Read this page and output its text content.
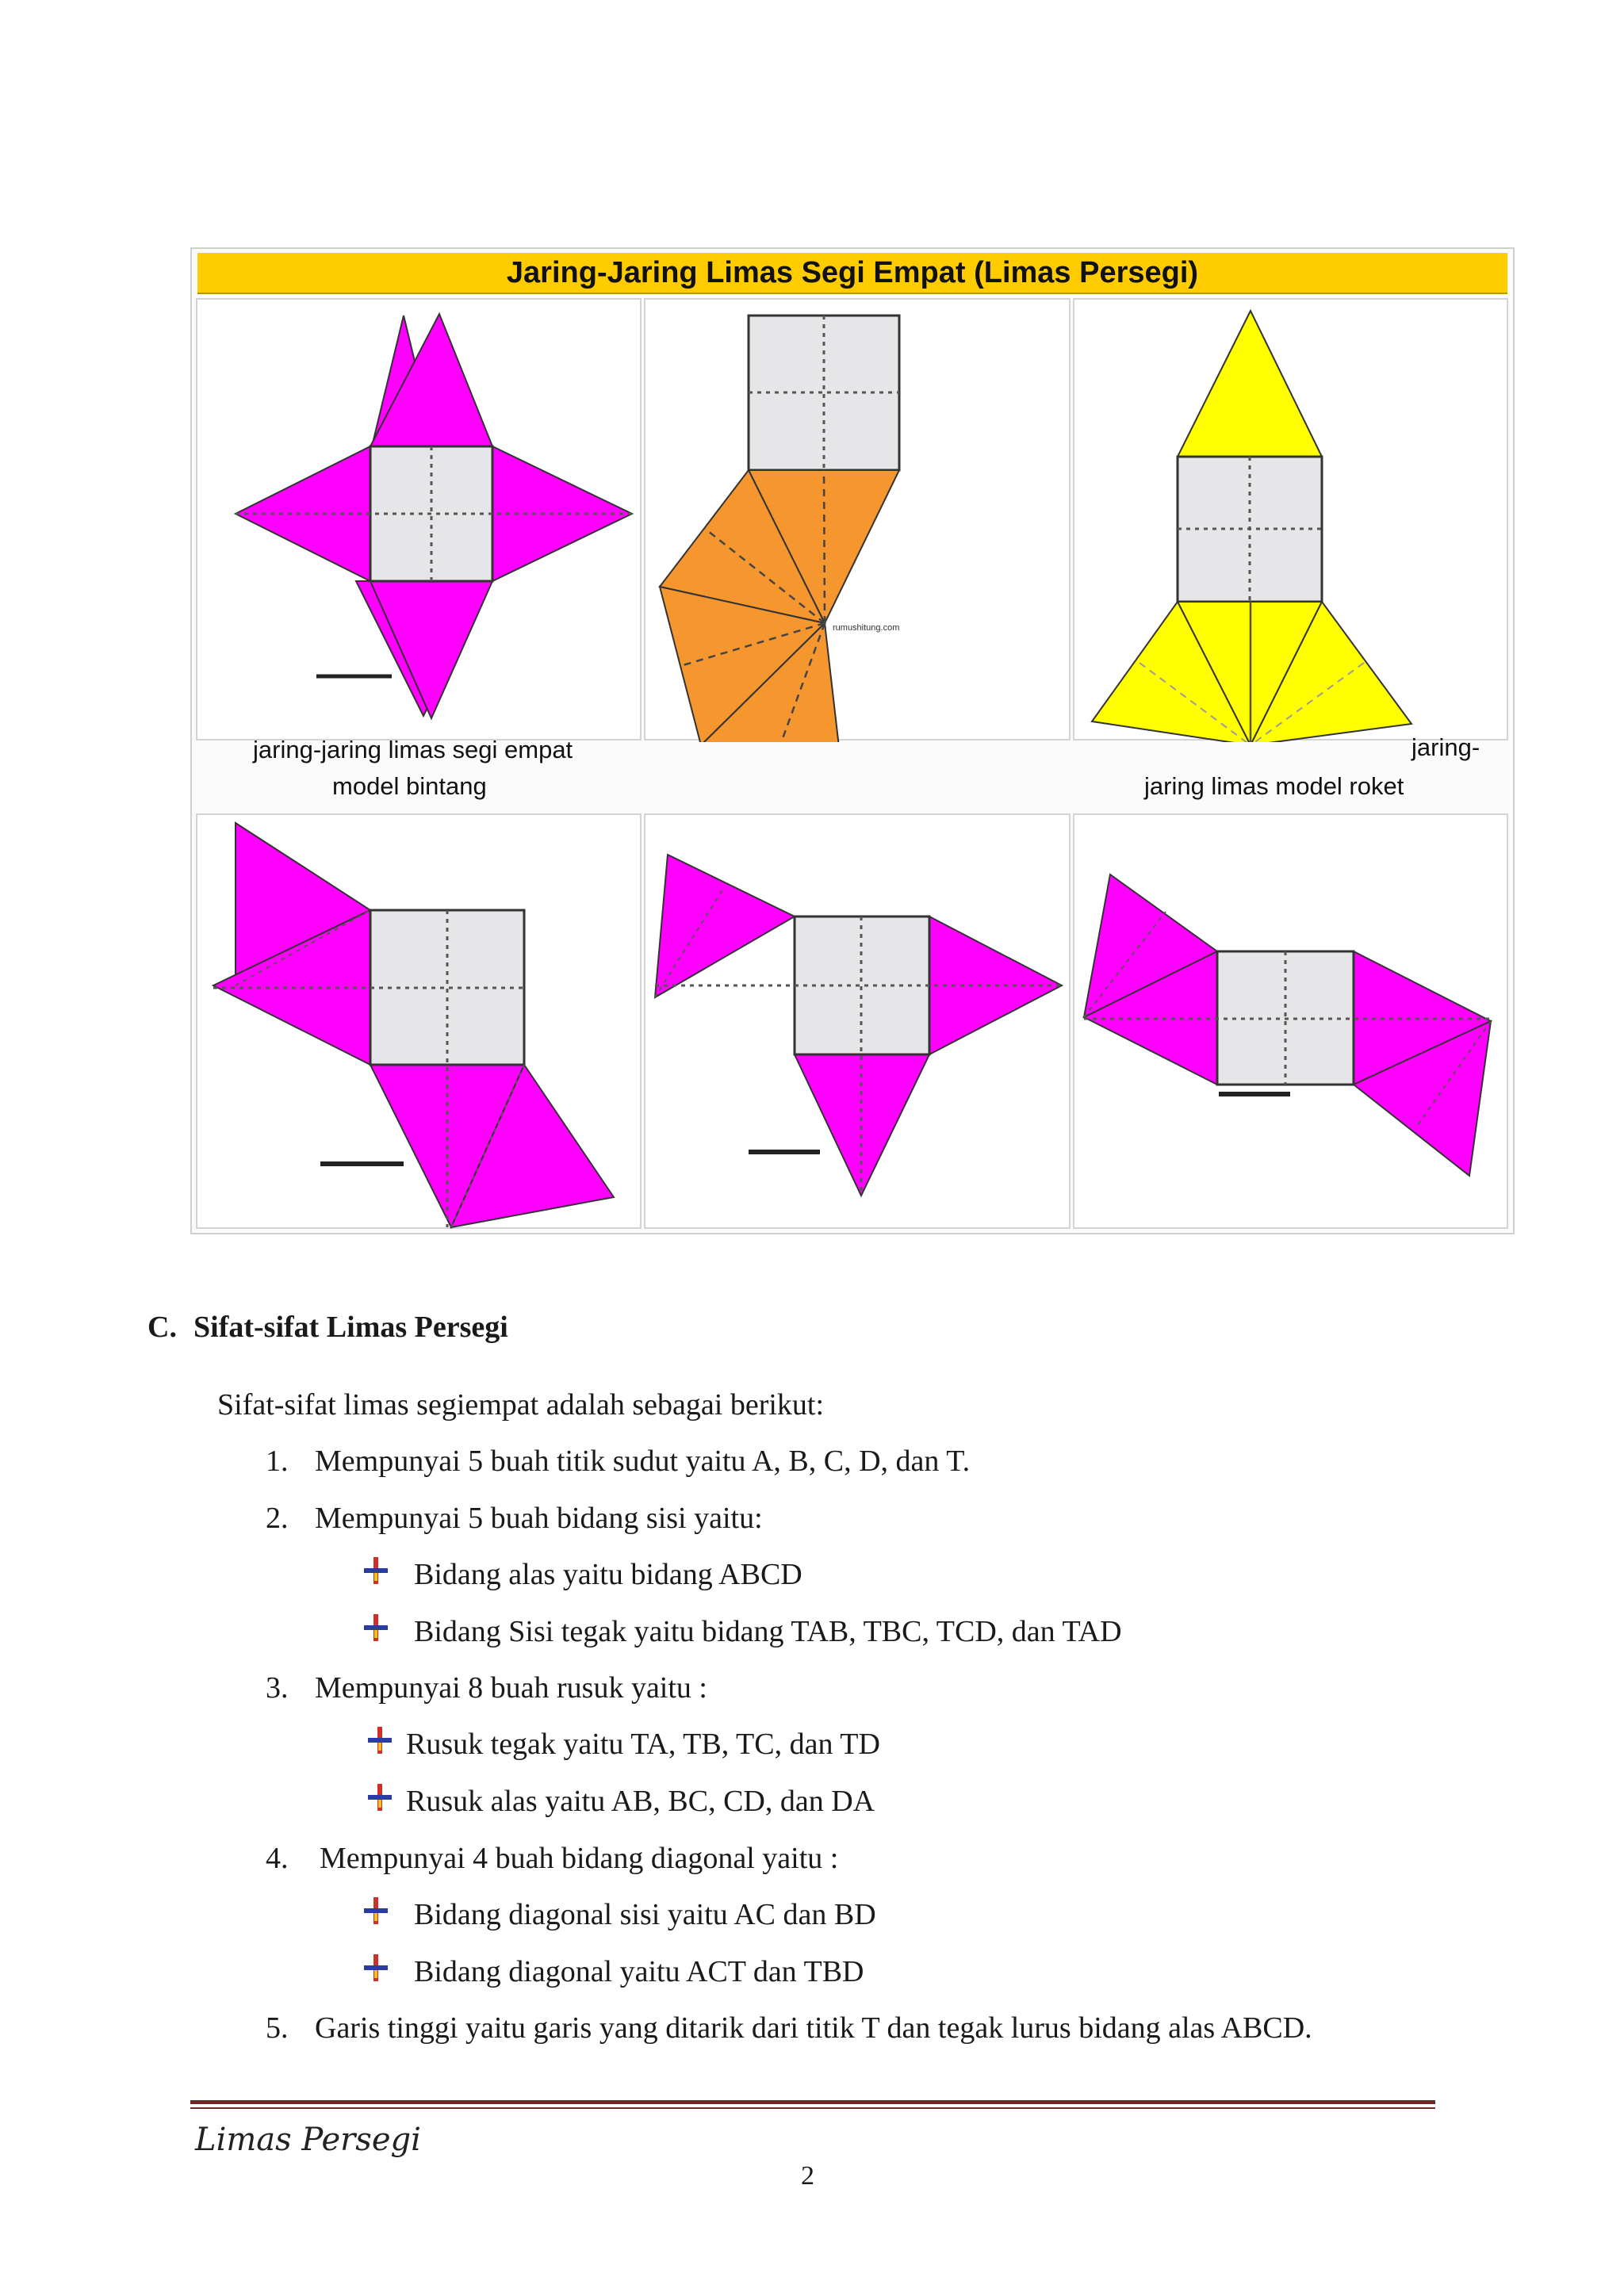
Jaring-Jaring Limas Segi Empat (Limas Persegi)
jaring-jaring limas segi empat
model bintang
rumushitung.com
jaring-
jaring limas model roket
C. Sifat-sifat Limas Persegi
Sifat-sifat limas segiempat adalah sebagai berikut:
1. Mempunyai 5 buah titik sudut yaitu A, B, C, D, dan T.
2. Mempunyai 5 buah bidang sisi yaitu:
Bidang alas yaitu bidang ABCD
Bidang Sisi tegak yaitu bidang TAB, TBC, TCD, dan TAD
3. Mempunyai 8 buah rusuk yaitu :
Rusuk tegak yaitu TA, TB, TC, dan TD
Rusuk alas yaitu AB, BC, CD, dan DA
4. Mempunyai 4 buah bidang diagonal yaitu :
Bidang diagonal sisi yaitu AC dan BD
Bidang diagonal yaitu ACT dan TBD
5. Garis tinggi yaitu garis yang ditarik dari titik T dan tegak lurus bidang alas ABCD.
Limas Persegi
2
